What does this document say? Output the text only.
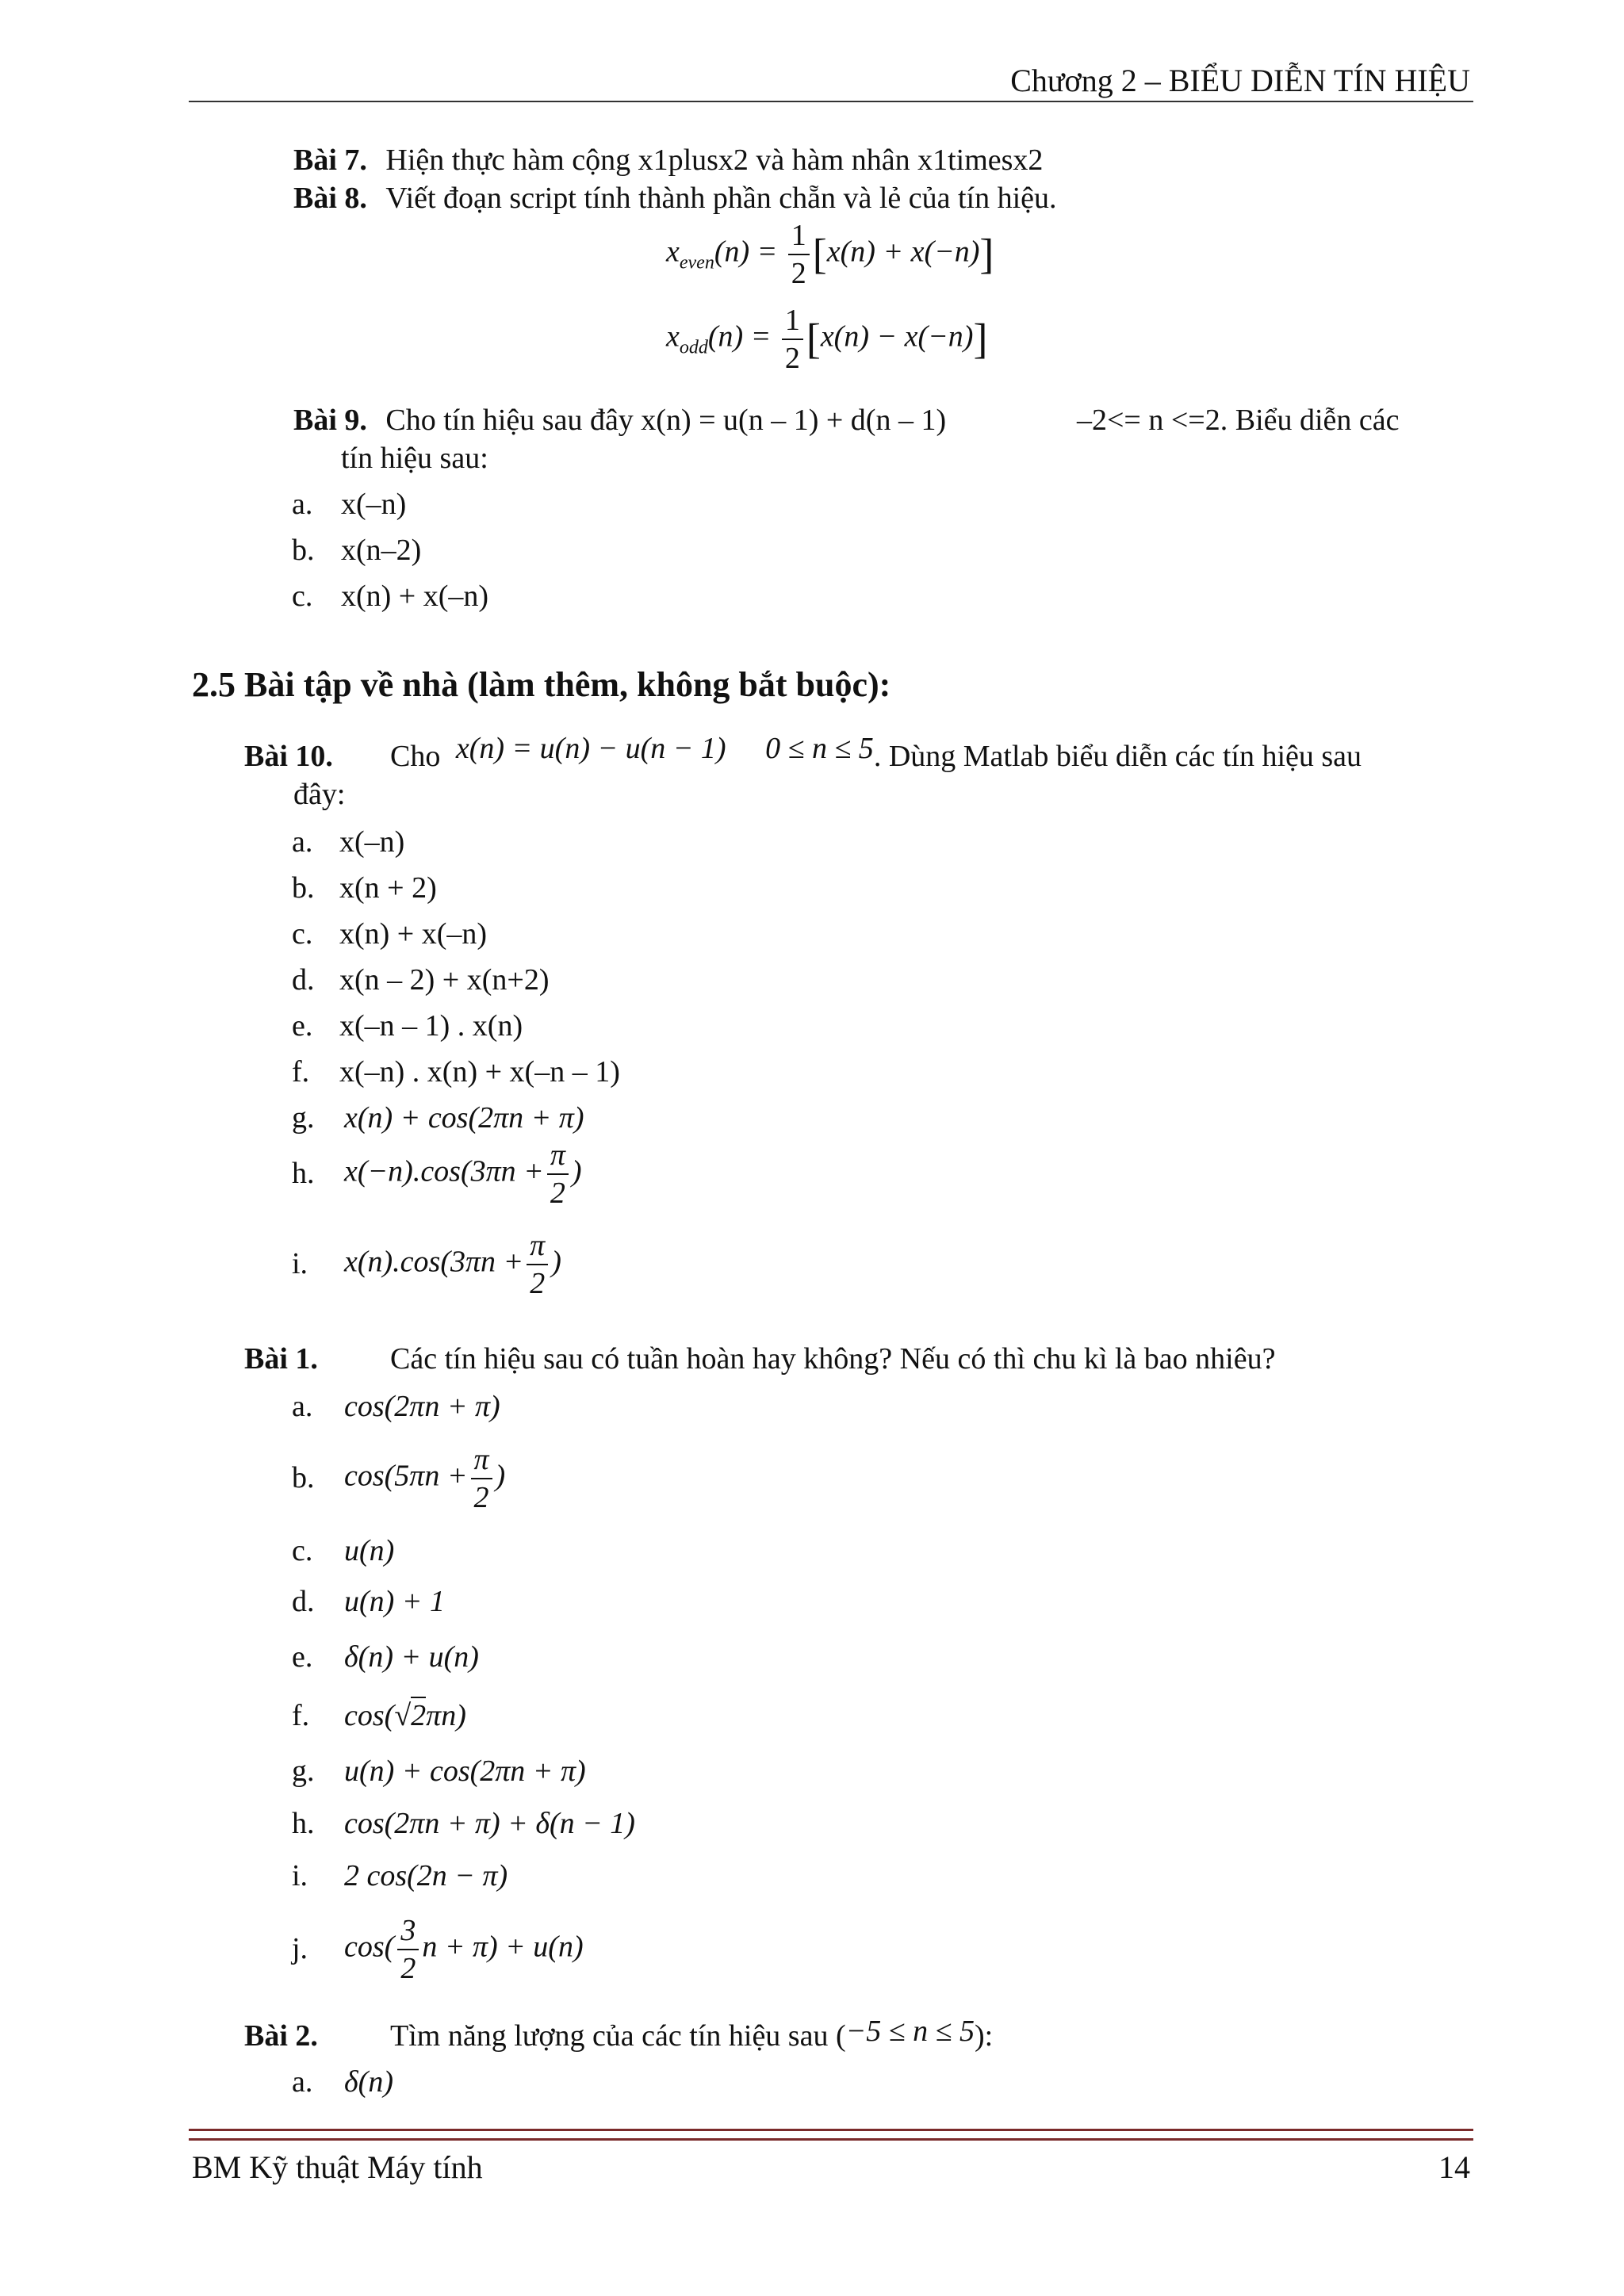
Chương 2 – BIỂU DIỄN TÍN HIỆU
Bài 7. Hiện thực hàm cộng x1plusx2 và hàm nhân x1timesx2
Bài 8. Viết đoạn script tính thành phần chẵn và lẻ của tín hiệu.
$x_{even}(n) = \frac{1}{2} [x(n) + x(-n)]$
$x_{odd}(n) = \frac{1}{2} [x(n) - x(-n)]$
Bài 9. Cho tín hiệu sau đây x(n) = u(n – 1) + d(n – 1)	–2<= n <=2. Biểu diễn các
tín hiệu sau:
a. x(–n)
b. x(n–2)
c. x(n) + x(–n)
2.5 Bài tập về nhà (làm thêm, không bắt buộc):
Bài 10. Cho x(n) = u(n) − u(n − 1) 0 ≤ n ≤ 5. Dùng Matlab biểu diễn các tín hiệu sau
đây:
a. x(–n)
b. x(n + 2)
c. x(n) + x(–n)
d. x(n – 2) + x(n+2)
e. x(–n – 1) . x(n)
f. x(–n) . x(n) + x(–n – 1)
g. x(n) + cos(2πn + π)
h. $x(-n).\cos(3\pi n + \frac{\pi}{2}$ )
i. $x(n).\cos(3\pi n + \frac{\pi}{2}$ )
Bài 1. Các tín hiệu sau có tuần hoàn hay không? Nếu có thì chu kì là bao nhiêu?
a. cos(2πn + π)
b. $\cos(5\pi n + \frac{\pi}{2}$ )
c. u(n)
d. u(n) + 1
e. δ(n) + u(n)
f. cos(√2πn)
g. u(n) + cos(2πn + π)
h. cos(2πn + π) + δ(n − 1)
i. 2 cos(2n − π)
j. $\cos( \frac{3}{2}$ n + π) + u(n)
Bài 2. Tìm năng lượng của các tín hiệu sau (−5 ≤ n ≤ 5):
a. δ(n)
BM Kỹ thuật Máy tính	14
